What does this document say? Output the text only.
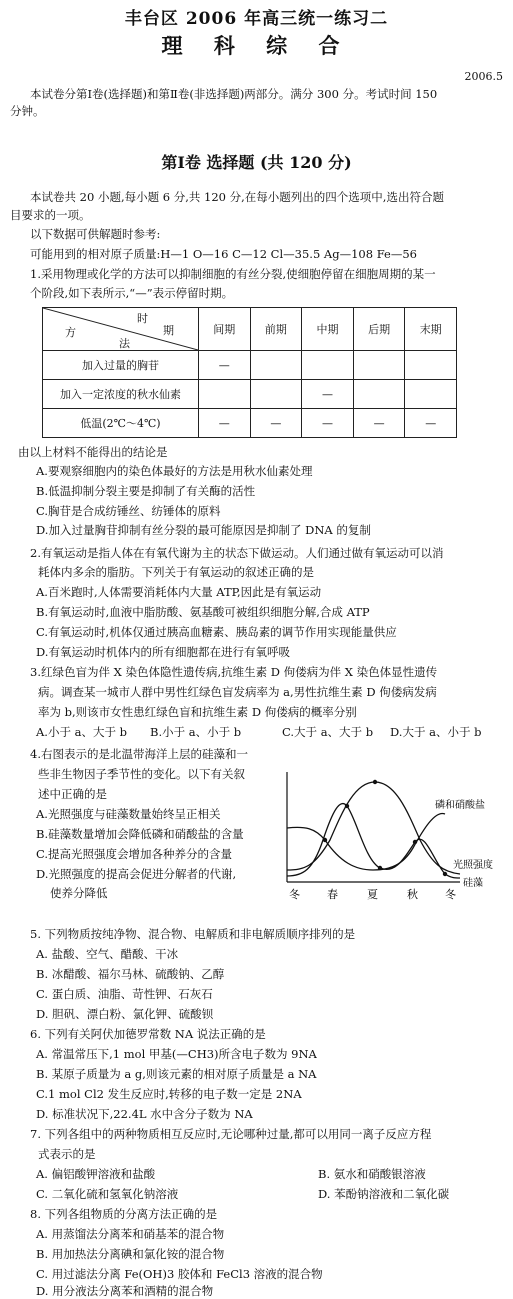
丰台区 2006 年高三统一练习二
理 科 综 合
2006.5
本试卷分第Ⅰ卷(选择题)和第Ⅱ卷(非选择题)两部分。满分 300 分。考试时间 150
分钟。
第Ⅰ卷 选择题 (共 120 分)
本试卷共 20 小题,每小题 6 分,共 120 分,在每小题列出的四个选项中,选出符合题
目要求的一项。
以下数据可供解题时参考:
可能用到的相对原子质量:H—1 O—16 C—12 Cl—35.5 Ag—108 Fe—56
1.采用物理或化学的方法可以抑制细胞的有丝分裂,使细胞停留在细胞周期的某一
个阶段,如下表所示,“—”表示停留时期。
时
期
方
法	间期	前期	中期	后期	末期
加入过量的胸苷	—				
加入一定浓度的秋水仙素			—		
低温(2℃～4℃)	—	—	—	—	—
由以上材料不能得出的结论是
A.要观察细胞内的染色体最好的方法是用秋水仙素处理
B.低温抑制分裂主要是抑制了有关酶的活性
C.胸苷是合成纺锤丝、纺锤体的原料
D.加入过量胸苷抑制有丝分裂的最可能原因是抑制了 DNA 的复制
2.有氧运动是指人体在有氧代谢为主的状态下做运动。人们通过做有氧运动可以消
耗体内多余的脂肪。下列关于有氧运动的叙述正确的是
A.百米跑时,人体需要消耗体内大量 ATP,因此是有氧运动
B.有氧运动时,血液中脂肪酸、氨基酸可被组织细胞分解,合成 ATP
C.有氧运动时,机体仅通过胰高血糖素、胰岛素的调节作用实现能量供应
D.有氧运动时机体内的所有细胞都在进行有氧呼吸
3.红绿色盲为伴 X 染色体隐性遗传病,抗维生素 D 佝偻病为伴 X 染色体显性遗传
病。调查某一城市人群中男性红绿色盲发病率为 a,男性抗维生素 D 佝偻病发病
率为 b,则该市女性患红绿色盲和抗维生素 D 佝偻病的概率分别
A.小于 a、大于 b B.小于 a、小于 b	C.大于 a、大于 b D.大于 a、小于 b
4.右图表示的是北温带海洋上层的硅藻和一
些非生物因子季节性的变化。以下有关叙
述中正确的是
A.光照强度与硅藻数量始终呈正相关
B.硅藻数量增加会降低磷和硝酸盐的含量
C.提高光照强度会增加各种养分的含量
D.光照强度的提高会促进分解者的代谢,
使养分降低
磷和硝酸盐
光照强度
硅藻
冬 春	夏	秋 冬
5. 下列物质按纯净物、混合物、电解质和非电解质顺序排列的是
A. 盐酸、空气、醋酸、干冰
B. 冰醋酸、福尔马林、硫酸钠、乙醇
C. 蛋白质、油脂、苛性钾、石灰石
D. 胆矾、漂白粉、氯化钾、硫酸钡
6. 下列有关阿伏加德罗常数 NA 说法正确的是
A. 常温常压下,1 mol 甲基(—CH3)所含电子数为 9NA
B. 某原子质量为 a g,则该元素的相对原子质量是 a NA
C.1 mol Cl2 发生反应时,转移的电子数一定是 2NA
D. 标准状况下,22.4L 水中含分子数为 NA
7. 下列各组中的两种物质相互反应时,无论哪种过量,都可以用同一离子反应方程
式表示的是
A. 偏铝酸钾溶液和盐酸	B. 氨水和硝酸银溶液
C. 二氧化硫和氢氧化钠溶液	D. 苯酚钠溶液和二氧化碳
8. 下列各组物质的分离方法正确的是
A. 用蒸馏法分离苯和硝基苯的混合物
B. 用加热法分离碘和氯化铵的混合物
C. 用过滤法分离 Fe(OH)3 胶体和 FeCl3 溶液的混合物
D. 用分液法分离苯和酒精的混合物
